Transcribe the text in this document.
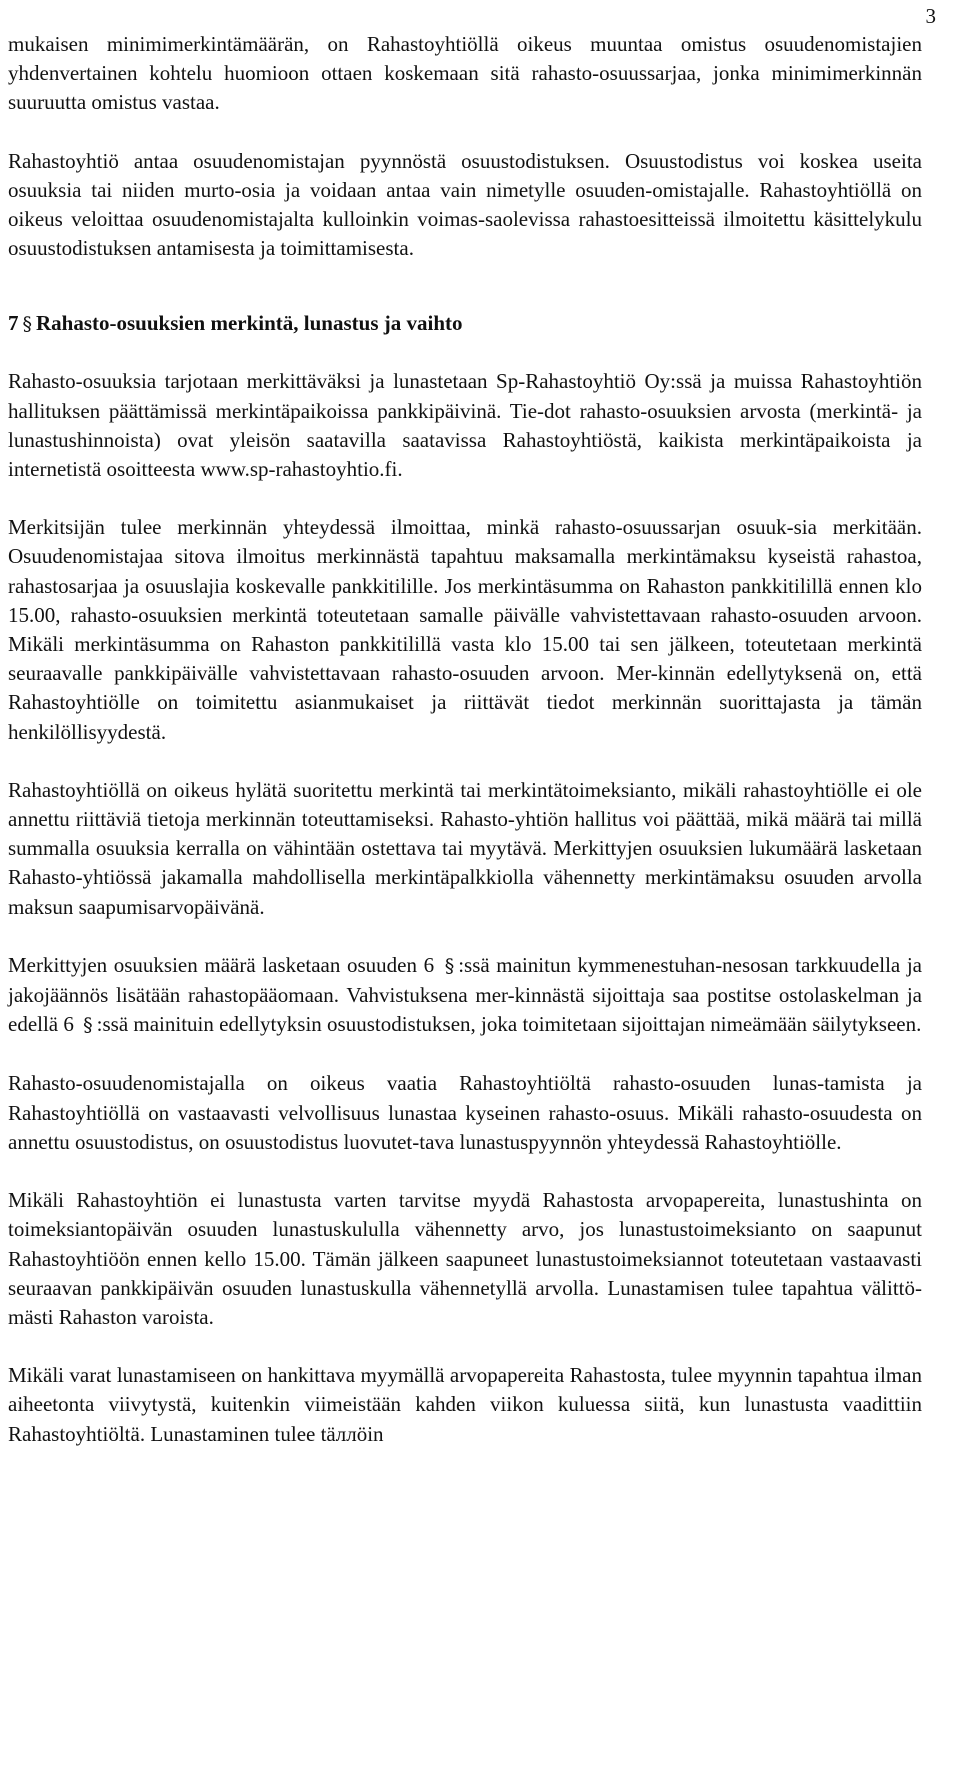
3

mukaisen minimimerkintämäärän, on Rahastoyhtiöllä oikeus muuntaa omistus osuudenomistajien yhdenvertainen kohtelu huomioon ottaen koskemaan sitä rahasto-osuussarjaa, jonka minimimerkinnän suuruutta omistus vastaa.

Rahastoyhtiö antaa osuudenomistajan pyynnöstä osuustodistuksen. Osuustodistus voi koskea useita osuuksia tai niiden murto-osia ja voidaan antaa vain nimetylle osuuden-omistajalle. Rahastoyhtiöllä on oikeus veloittaa osuudenomistajalta kulloinkin voimas-saolevissa rahastoesitteissä ilmoitettu käsittelykulu osuustodistuksen antamisesta ja toimittamisesta.

7 § Rahasto-osuuksien merkintä, lunastus ja vaihto

Rahasto-osuuksia tarjotaan merkittäväksi ja lunastetaan Sp-Rahastoyhtiö Oy:ssä ja muissa Rahastoyhtiön hallituksen päättämissä merkintäpaikoissa pankkipäivinä. Tie-dot rahasto-osuuksien arvosta (merkintä- ja lunastushinnoista) ovat yleisön saatavilla saatavissa Rahastoyhtiöstä, kaikista merkintäpaikoista ja internetistä osoitteesta www.sp-rahastoyhtio.fi.

Merkitsijän tulee merkinnän yhteydessä ilmoittaa, minkä rahasto-osuussarjan osuuk-sia merkitään. Osuudenomistajaa sitova ilmoitus merkinnästä tapahtuu maksamalla merkintämaksu kyseistä rahastoa, rahastosarjaa ja osuuslajia koskevalle pankkitilille. Jos merkintäsumma on Rahaston pankkitilillä ennen klo 15.00, rahasto-osuuksien merkintä toteutetaan samalle päivälle vahvistettavaan rahasto-osuuden arvoon. Mikäli merkintäsumma on Rahaston pankkitilillä vasta klo 15.00 tai sen jälkeen, toteutetaan merkintä seuraavalle pankkipäivälle vahvistettavaan rahasto-osuuden arvoon. Mer-kinnän edellytyksenä on, että Rahastoyhtiölle on toimitettu asianmukaiset ja riittävät tiedot merkinnän suorittajasta ja tämän henkilöllisyydestä.

Rahastoyhtiöllä on oikeus hylätä suoritettu merkintä tai merkintätoimeksianto, mikäli rahastoyhtiölle ei ole annettu riittäviä tietoja merkinnän toteuttamiseksi. Rahasto-yhtiön hallitus voi päättää, mikä määrä tai millä summalla osuuksia kerralla on vähintään ostettava tai myytävä. Merkittyjen osuuksien lukumäärä lasketaan Rahasto-yhtiössä jakamalla mahdollisella merkintäpalkkiolla vähennetty merkintämaksu osuuden arvolla maksun saapumisarvopäivänä.

Merkittyjen osuuksien määrä lasketaan osuuden 6 § :ssä mainitun kymmenestuhan-nesosan tarkkuudella ja jakojäännös lisätään rahastopääomaan. Vahvistuksena mer-kinnästä sijoittaja saa postitse ostolaskelman ja edellä 6 § :ssä mainituin edellytyksin osuustodistuksen, joka toimitetaan sijoittajan nimeämään säilytykseen.

Rahasto-osuudenomistajalla on oikeus vaatia Rahastoyhtiöltä rahasto-osuuden lunas-tamista ja Rahastoyhtiöllä on vastaavasti velvollisuus lunastaa kyseinen rahasto-osuus. Mikäli rahasto-osuudesta on annettu osuustodistus, on osuustodistus luovutet-tava lunastuspyynnön yhteydessä Rahastoyhtiölle.

Mikäli Rahastoyhtiön ei lunastusta varten tarvitse myydä Rahastosta arvopapereita, lunastushinta on toimeksiantopäivän osuuden lunastuskululla vähennetty arvo, jos lunastustoimeksianto on saapunut Rahastoyhtiöön ennen kello 15.00. Tämän jälkeen saapuneet lunastustoimeksiannot toteutetaan vastaavasti seuraavan pankkipäivän osuuden lunastuskulla vähennetyllä arvolla. Lunastamisen tulee tapahtua välittö-mästi Rahaston varoista.

Mikäli varat lunastamiseen on hankittava myymällä arvopapereita Rahastosta, tulee myynnin tapahtua ilman aiheetonta viivytystä, kuitenkin viimeistään kahden viikon kuluessa siitä, kun lunastusta vaadittiin Rahastoyhtiöltä. Lunastaminen tulee täллöin
